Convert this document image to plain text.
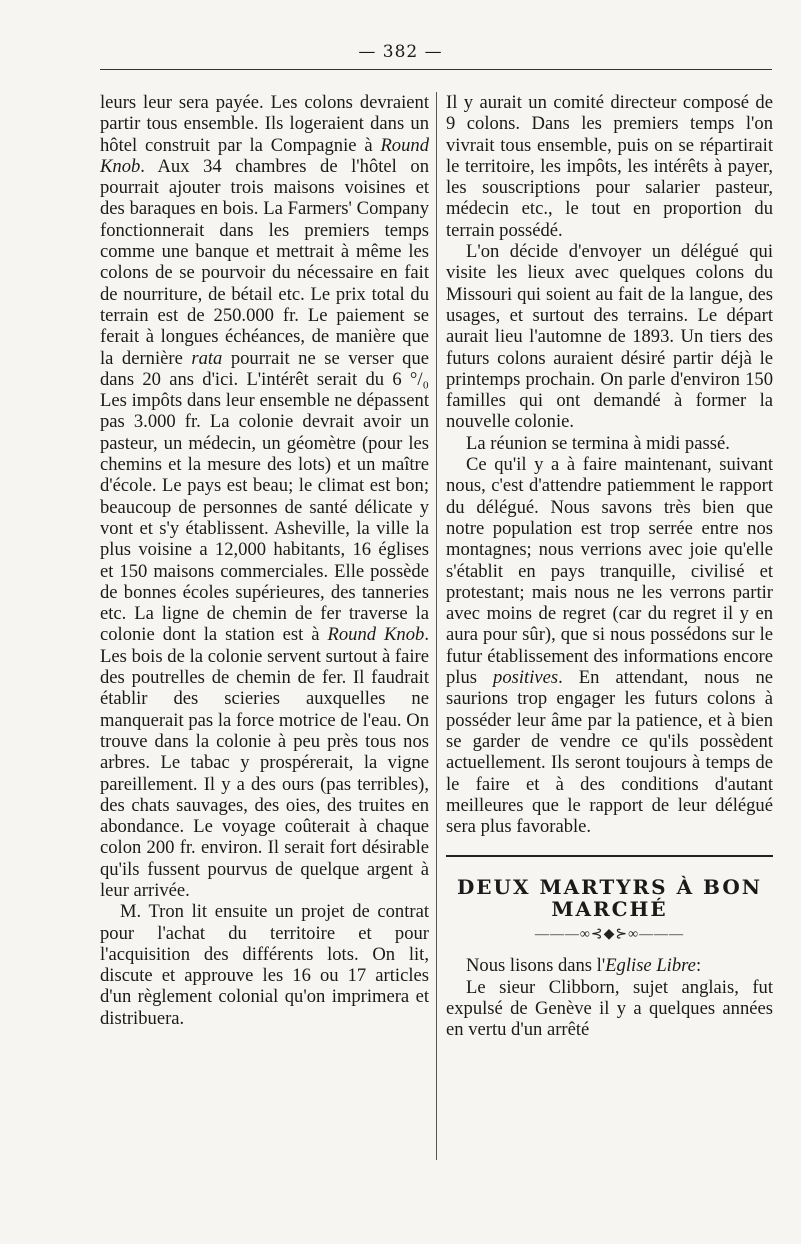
— 382 —

leurs leur sera payée. Les colons devraient partir tous ensemble. Ils logeraient dans un hôtel construit par la Compagnie à Round Knob. Aux 34 chambres de l'hôtel on pourrait ajouter trois maisons voisines et des baraques en bois. La Farmers' Company fonctionnerait dans les premiers temps comme une banque et mettrait à même les colons de se pourvoir du nécessaire en fait de nourriture, de bétail etc. Le prix total du terrain est de 250.000 fr. Le paiement se ferait à longues échéances, de manière que la dernière rata pourrait ne se verser que dans 20 ans d'ici. L'intérêt serait du 6 °/₀ Les impôts dans leur ensemble ne dépassent pas 3.000 fr. La colonie devrait avoir un pasteur, un médecin, un géomètre (pour les chemins et la mesure des lots) et un maître d'école. Le pays est beau; le climat est bon; beaucoup de personnes de santé délicate y vont et s'y établissent. Asheville, la ville la plus voisine a 12,000 habitants, 16 églises et 150 maisons commerciales. Elle possède de bonnes écoles supérieures, des tanneries etc. La ligne de chemin de fer traverse la colonie dont la station est à Round Knob. Les bois de la colonie servent surtout à faire des poutrelles de chemin de fer. Il faudrait établir des scieries auxquelles ne manquerait pas la force motrice de l'eau. On trouve dans la colonie à peu près tous nos arbres. Le tabac y prospérerait, la vigne pareillement. Il y a des ours (pas terribles), des chats sauvages, des oies, des truites en abondance. Le voyage coûterait à chaque colon 200 fr. environ. Il serait fort désirable qu'ils fussent pourvus de quelque argent à leur arrivée.

M. Tron lit ensuite un projet de contrat pour l'achat du territoire et pour l'acquisition des différents lots. On lit, discute et approuve les 16 ou 17 articles d'un règlement colonial qu'on imprimera et distribuera.

Il y aurait un comité directeur composé de 9 colons. Dans les premiers temps l'on vivrait tous ensemble, puis on se répartirait le territoire, les impôts, les intérêts à payer, les souscriptions pour salarier pasteur, médecin etc., le tout en proportion du terrain possédé.

L'on décide d'envoyer un délégué qui visite les lieux avec quelques colons du Missouri qui soient au fait de la langue, des usages, et surtout des terrains. Le départ aurait lieu l'automne de 1893. Un tiers des futurs colons auraient désiré partir déjà le printemps prochain. On parle d'environ 150 familles qui ont demandé à former la nouvelle colonie.

La réunion se termina à midi passé.

Ce qu'il y a à faire maintenant, suivant nous, c'est d'attendre patiemment le rapport du délégué. Nous savons très bien que notre population est trop serrée entre nos montagnes; nous verrions avec joie qu'elle s'établit en pays tranquille, civilisé et protestant; mais nous ne les verrons partir avec moins de regret (car du regret il y en aura pour sûr), que si nous possédons sur le futur établissement des informations encore plus positives. En attendant, nous ne saurions trop engager les futurs colons à posséder leur âme par la patience, et à bien se garder de vendre ce qu'ils possèdent actuellement. Ils seront toujours à temps de le faire et à des conditions d'autant meilleures que le rapport de leur délégué sera plus favorable.

DEUX MARTYRS À BON MARCHÉ
———∞⊰◆⊱∞———

Nous lisons dans l'Eglise Libre:

Le sieur Clibborn, sujet anglais, fut expulsé de Genève il y a quelques années en vertu d'un arrêté
